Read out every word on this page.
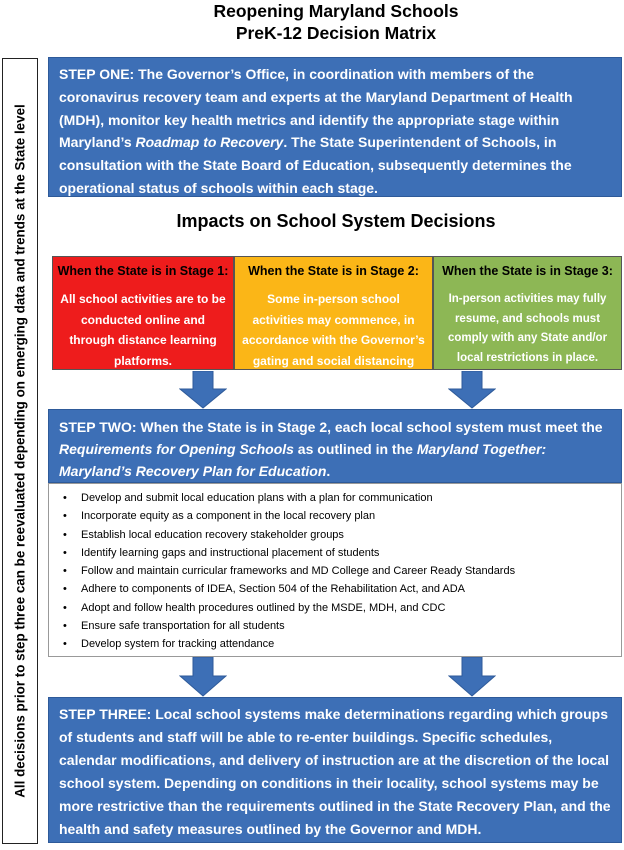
Reopening Maryland Schools
PreK-12 Decision Matrix
All decisions prior to step three can be reevaluated depending on emerging data and trends at the State level
STEP ONE: The Governor’s Office, in coordination with members of the coronavirus recovery team and experts at the Maryland Department of Health (MDH), monitor key health metrics and identify the appropriate stage within Maryland’s Roadmap to Recovery. The State Superintendent of Schools, in consultation with the State Board of Education, subsequently determines the operational status of schools within each stage.
Impacts on School System Decisions
When the State is in Stage 1:
All school activities are to be conducted online and through distance learning platforms.
When the State is in Stage 2:
Some in-person school activities may commence, in accordance with the Governor’s gating and social distancing measures.
When the State is in Stage 3:
In-person activities may fully resume, and schools must comply with any State and/or local restrictions in place.
STEP TWO: When the State is in Stage 2, each local school system must meet the Requirements for Opening Schools as outlined in the Maryland Together: Maryland’s Recovery Plan for Education.
• Develop and submit local education plans with a plan for communication
• Incorporate equity as a component in the local recovery plan
• Establish local education recovery stakeholder groups
• Identify learning gaps and instructional placement of students
• Follow and maintain curricular frameworks and MD College and Career Ready Standards
• Adhere to components of IDEA, Section 504 of the Rehabilitation Act, and ADA
• Adopt and follow health procedures outlined by the MSDE, MDH, and CDC
• Ensure safe transportation for all students
• Develop system for tracking attendance
STEP THREE: Local school systems make determinations regarding which groups of students and staff will be able to re-enter buildings. Specific schedules, calendar modifications, and delivery of instruction are at the discretion of the local school system. Depending on conditions in their locality, school systems may be more restrictive than the requirements outlined in the State Recovery Plan, and the health and safety measures outlined by the Governor and MDH.
